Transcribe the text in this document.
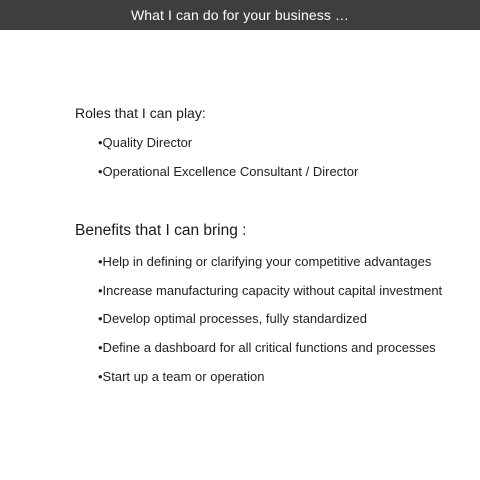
What I can do for your business …
Roles that I can play:
•Quality Director
•Operational Excellence Consultant / Director
Benefits that I can bring :
•Help in defining or clarifying your competitive advantages
•Increase manufacturing capacity without capital investment
•Develop optimal processes, fully standardized
•Define a dashboard for all critical functions and processes
•Start up a team or operation
